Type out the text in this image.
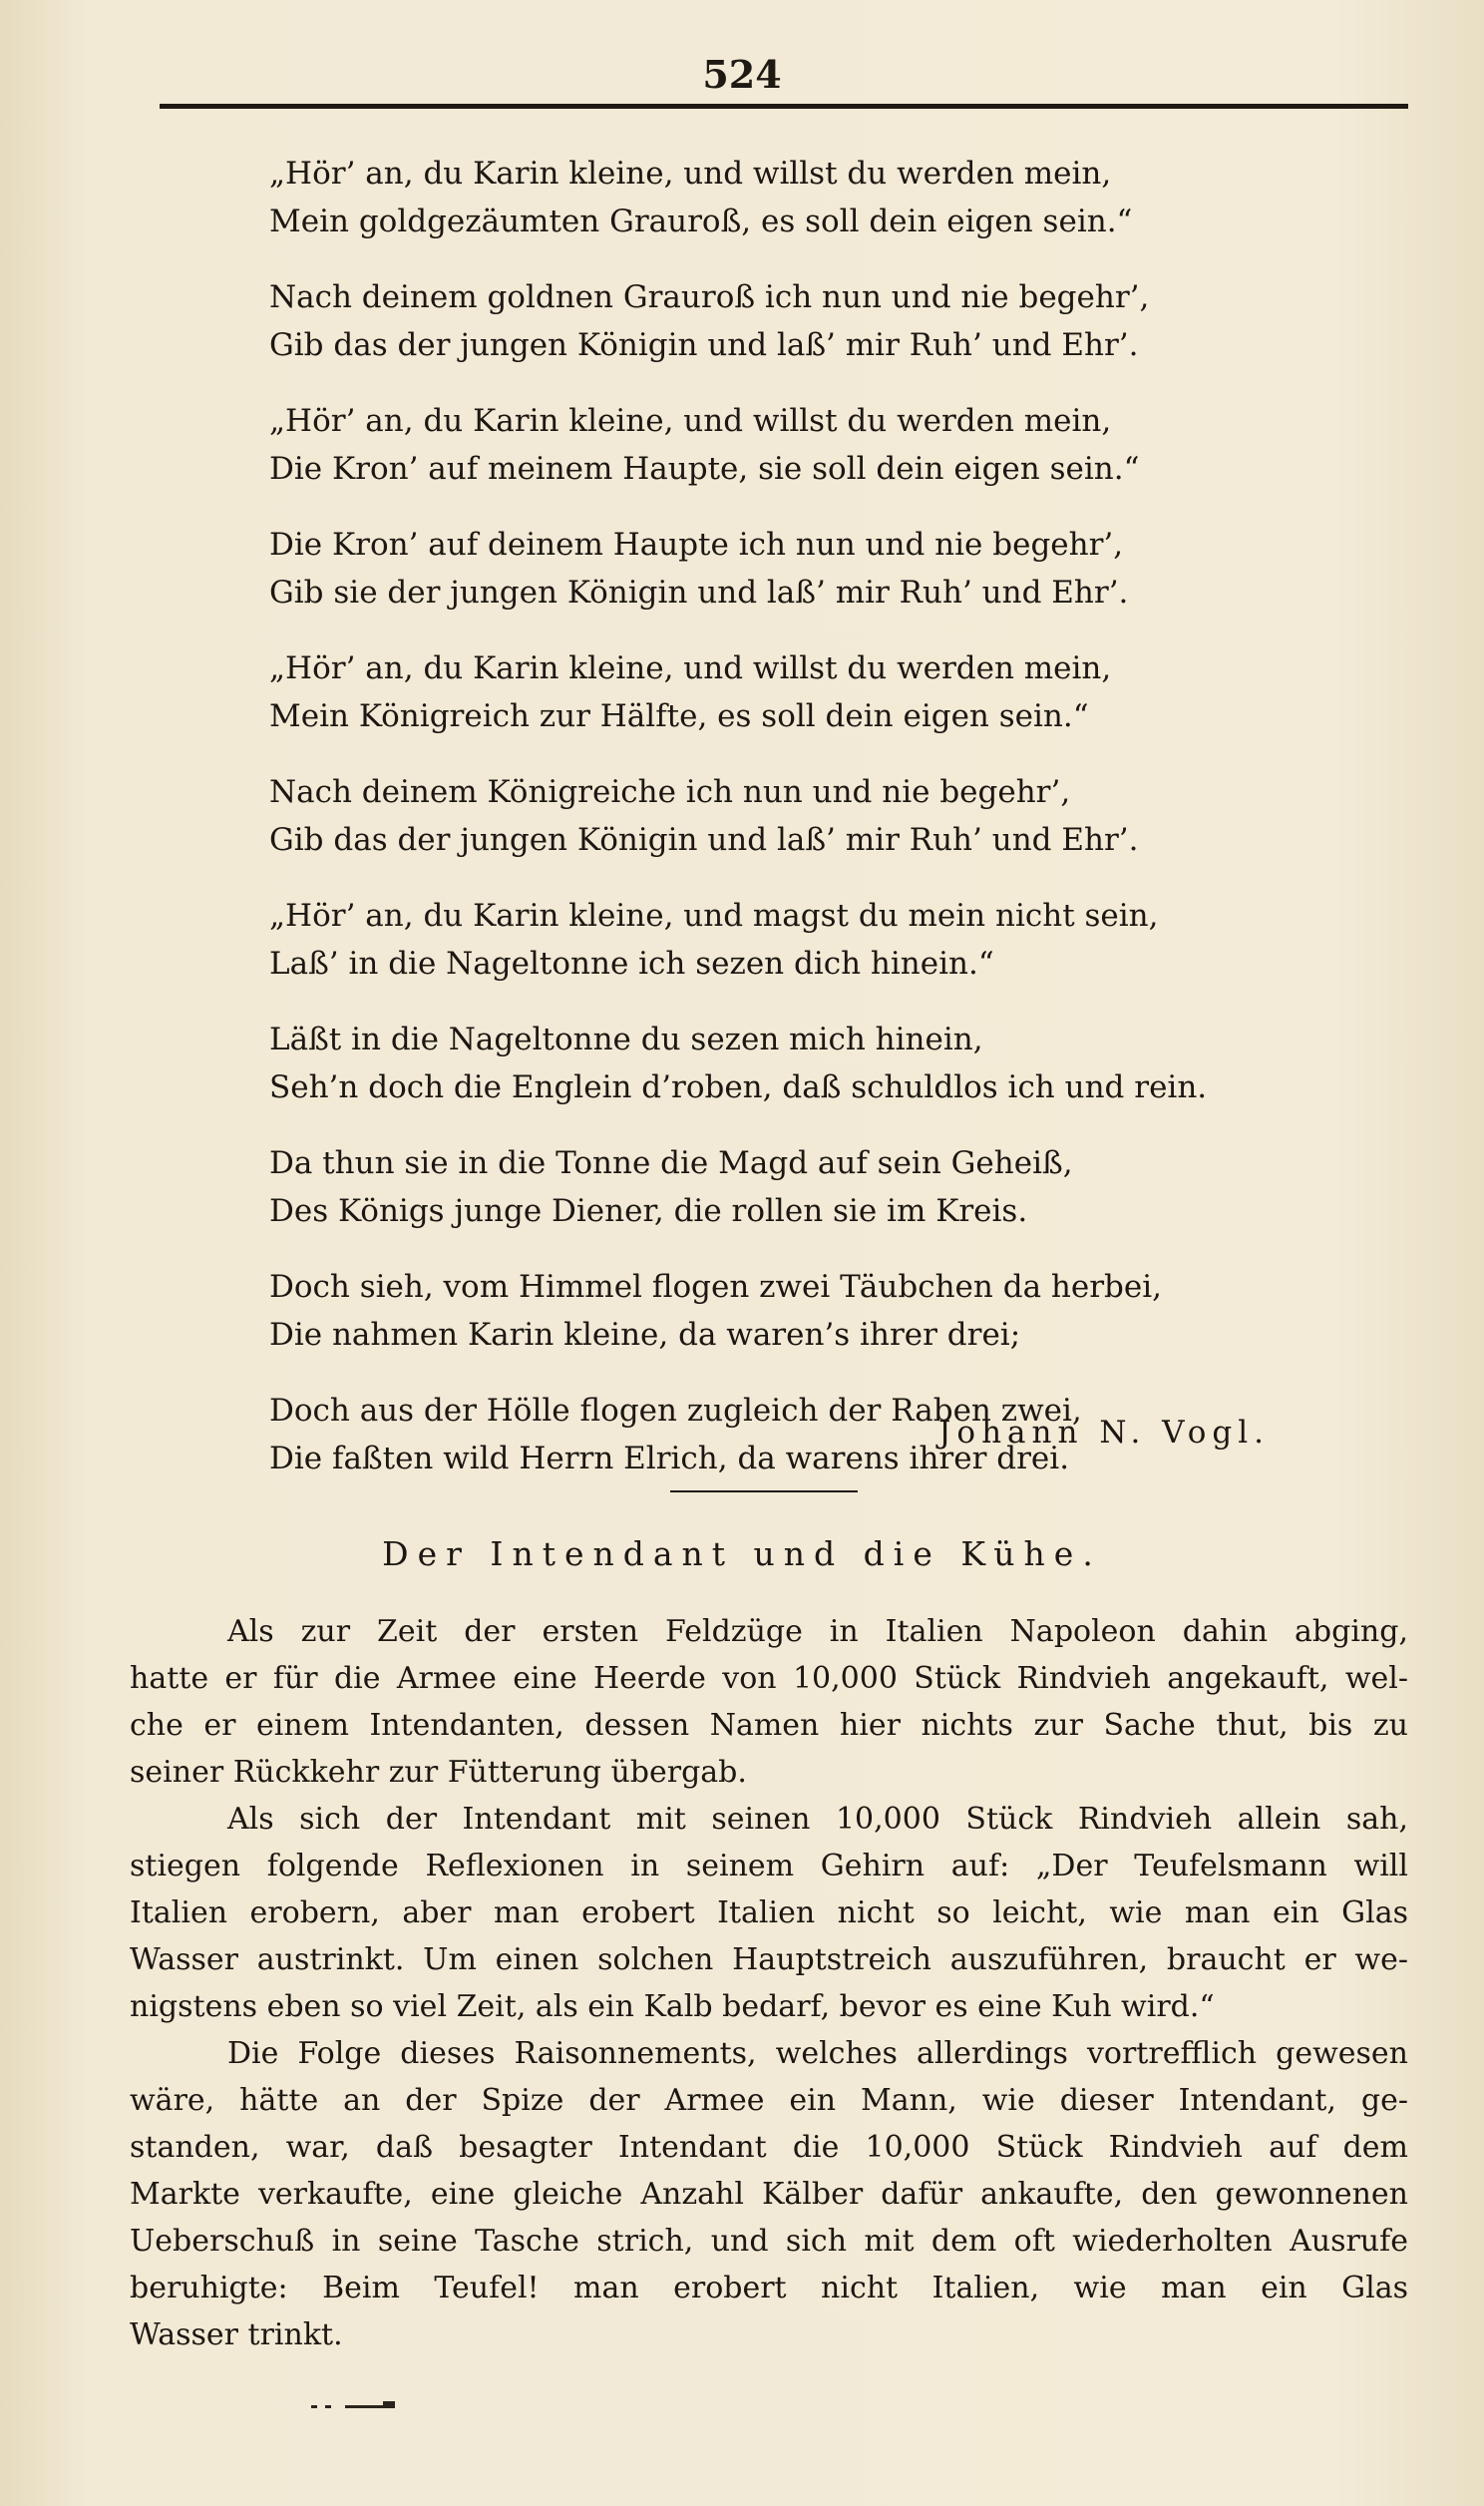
524
„Hör’ an, du Karin kleine, und willst du werden mein,
Mein goldgezäumten Grauroß, es soll dein eigen sein.“
Nach deinem goldnen Grauroß ich nun und nie begehr’,
Gib das der jungen Königin und laß’ mir Ruh’ und Ehr’.
„Hör’ an, du Karin kleine, und willst du werden mein,
Die Kron’ auf meinem Haupte, sie soll dein eigen sein.“
Die Kron’ auf deinem Haupte ich nun und nie begehr’,
Gib sie der jungen Königin und laß’ mir Ruh’ und Ehr’.
„Hör’ an, du Karin kleine, und willst du werden mein,
Mein Königreich zur Hälfte, es soll dein eigen sein.“
Nach deinem Königreiche ich nun und nie begehr’,
Gib das der jungen Königin und laß’ mir Ruh’ und Ehr’.
„Hör’ an, du Karin kleine, und magst du mein nicht sein,
Laß’ in die Nageltonne ich sezen dich hinein.“
Läßt in die Nageltonne du sezen mich hinein,
Seh’n doch die Englein d’roben, daß schuldlos ich und rein.
Da thun sie in die Tonne die Magd auf sein Geheiß,
Des Königs junge Diener, die rollen sie im Kreis.
Doch sieh, vom Himmel flogen zwei Täubchen da herbei,
Die nahmen Karin kleine, da waren’s ihrer drei;
Doch aus der Hölle flogen zugleich der Raben zwei,
Die faßten wild Herrn Elrich, da warens ihrer drei.
Johann N. Vogl.
Der Intendant und die Kühe.
Als zur Zeit der ersten Feldzüge in Italien Napoleon dahin abging,
hatte er für die Armee eine Heerde von 10,000 Stück Rindvieh angekauft, wel-
che er einem Intendanten, dessen Namen hier nichts zur Sache thut, bis zu
seiner Rückkehr zur Fütterung übergab.
Als sich der Intendant mit seinen 10,000 Stück Rindvieh allein sah,
stiegen folgende Reflexionen in seinem Gehirn auf: „Der Teufelsmann will
Italien erobern, aber man erobert Italien nicht so leicht, wie man ein Glas
Wasser austrinkt. Um einen solchen Hauptstreich auszuführen, braucht er we-
nigstens eben so viel Zeit, als ein Kalb bedarf, bevor es eine Kuh wird.“
Die Folge dieses Raisonnements, welches allerdings vortrefflich gewesen
wäre, hätte an der Spize der Armee ein Mann, wie dieser Intendant, ge-
standen, war, daß besagter Intendant die 10,000 Stück Rindvieh auf dem
Markte verkaufte, eine gleiche Anzahl Kälber dafür ankaufte, den gewonnenen
Ueberschuß in seine Tasche strich, und sich mit dem oft wiederholten Ausrufe
beruhigte: Beim Teufel! man erobert nicht Italien, wie man ein Glas
Wasser trinkt.
